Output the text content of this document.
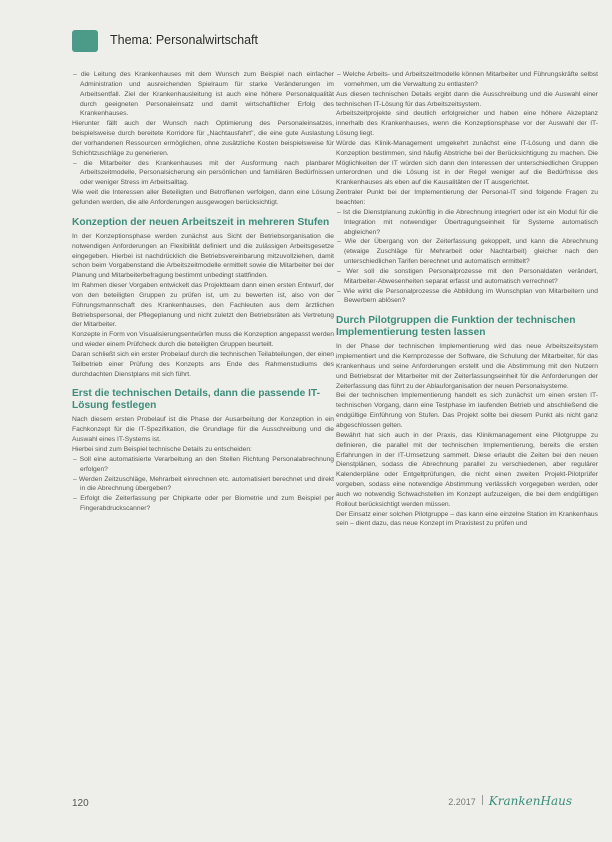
Thema: Personalwirtschaft

– die Leitung des Krankenhauses mit dem Wunsch zum Beispiel nach einfacher Administration und ausreichenden Spielraum für starke Veränderungen im Arbeitsentfall. Ziel der Krankenhausleitung ist auch eine höhere Personalqualität durch geeigneten Personaleinsatz und damit wirtschaftlicher Erfolg des Krankenhauses.

Hierunter fällt auch der Wunsch nach Optimierung des Personaleinsatzes, beispielsweise durch bereitete Korridore für „Nachtausfahrt", die eine gute Auslastung der vorhandenen Ressourcen ermöglichen, ohne zusätzliche Kosten beispielsweise für Schichtzuschläge zu generieren.

– die Mitarbeiter des Krankenhauses mit der Ausformung nach planbarer Arbeitszeitmodelle, Personalsicherung ein persönlichen und familiären Bedürfnissen oder weniger Stress im Arbeitsalltag.

Wie weit die Interessen aller Beteiligten und Betroffenen verfolgen, dann eine Lösung gefunden werden, die alle Anforderungen ausgewogen berücksichtigt.

Konzeption der neuen Arbeitszeit in mehreren Stufen

In der Konzeptionsphase werden zunächst aus Sicht der Betriebsorganisation die notwendigen Anforderungen an Flexibilität definiert und die zulässigen Arbeitsgesetze eingegeben. Hierbei ist nachdrücklich die Betriebsvereinbarung mitzuvollziehen, damit schon beim Vorgabenstand die Arbeitszeitmodelle ermittelt sowie die Mitarbeiter bei der Planung und Mitarbeiterbefragung bestimmt unbedingt stattfinden.

Im Rahmen dieser Vorgaben entwickelt das Projektteam dann einen ersten Entwurf, der von den beteiligten Gruppen zu prüfen ist, um zu bewerten ist, also von der Führungsmannschaft des Krankenhauses, den Fachleuten aus dem ärztlichen Betriebspersonal, der Pflegeplanung und nicht zuletzt den Betriebsräten als Vertretung der Mitarbeiter.

Konzepte in Form von Visualisierungsentwürfen muss die Konzeption angepasst werden und wieder einem Prüfcheck durch die beteiligten Gruppen beurteilt.

Daran schließt sich ein erster Probelauf durch die technischen Teilabteilungen, der einen Teilbetrieb einer Prüfung des Konzepts ans Ende des Rahmenstudiums des durchdachten Dienstplans mit sich führt.

Erst die technischen Details, dann die passende IT-Lösung festlegen

Nach diesem ersten Probelauf ist die Phase der Ausarbeitung der Konzeption in ein Fachkonzept für die IT-Spezifikation, die Grundlage für die Ausschreibung und die Auswahl eines IT-Systems ist.

Hierbei sind zum Beispiel technische Details zu entscheiden:

– Soll eine automatisierte Verarbeitung an den Stellen Richtung Personalabrechnung erfolgen?

– Werden Zeitzuschläge, Mehrarbeit einrechnen etc. automatisiert berechnet und direkt in die Abrechnung übergeben?

– Erfolgt die Zeiterfassung per Chipkarte oder per Biometrie und zum Beispiel per Fingerabdruckscanner?

– Welche Arbeits- und Arbeitszeitmodelle können Mitarbeiter und Führungskräfte selbst vornehmen, um die Verwaltung zu entlasten?

Aus diesen technischen Details ergibt dann die Ausschreibung und die Auswahl einer technischen IT-Lösung für das Arbeitszeitsystem.

Arbeitszeitprojekte sind deutlich erfolgreicher und haben eine höhere Akzeptanz innerhalb des Krankenhauses, wenn die Konzeptionsphase vor der Auswahl der IT-Lösung liegt.

Würde das Klinik-Management umgekehrt zunächst eine IT-Lösung und dann die Konzeption bestimmen, sind häufig Abstriche bei der Berücksichtigung zu machen. Die Möglichkeiten der IT würden sich dann den Interessen der unterschiedlichen Gruppen unterordnen und die Lösung ist in der Regel weniger auf die Bedürfnisse des Krankenhauses als eben auf die Kausalitäten der IT ausgerichtet.

Zentraler Punkt bei der Implementierung der Personal-IT sind folgende Fragen zu beachten:

– Ist die Dienstplanung zukünftig in die Abrechnung integriert oder ist ein Modul für die Integration mit notwendiger Übertragungseinheit für Systeme automatisch abgleichen?

– Wie der Übergang von der Zeiterfassung gekoppelt, und kann die Abrechnung (etwaige Zuschläge für Mehrarbeit oder Nachtarbeit) gleicher nach den unterschiedlichen Tarifen berechnet und automatisch ermittelt?

– Wer soll die sonstigen Personalprozesse mit den Personaldaten verändert, Mitarbeiter-Abwesenheiten separat erfasst und automatisch verrechnet?

– Wie wirkt die Personalprozesse die Abbildung im Wunschplan von Mitarbeitern und Bewerbern ablösen?

Durch Pilotgruppen die Funktion der technischen Implementierung testen lassen

In der Phase der technischen Implementierung wird das neue Arbeitszeitsystem implementiert und die Kernprozesse der Software, die Schulung der Mitarbeiter, für das Krankenhaus und seine Anforderungen erstellt und die Abstimmung mit den Nutzern und Betriebsrat der Mitarbeiter mit der Zeiterfassungseinheit für die Anforderungen der Zeiterfassung das führt zu der Ablauforganisation der neuen Personalsysteme.

Bei der technischen Implementierung handelt es sich zunächst um einen ersten IT-technischen Vorgang, dann eine Testphase im laufenden Betrieb und abschließend die endgültige Einführung von Stufen. Das Projekt sollte bei diesem Punkt als nicht ganz abgeschlossen gelten.

Bewährt hat sich auch in der Praxis, das Klinikmanagement eine Pilotgruppe zu definieren, die parallel mit der technischen Implementierung, bereits die ersten Erfahrungen in der IT-Umsetzung sammelt. Diese erlaubt die Zeiten bei den neuen Dienstplänen, sodass die Abrechnung parallel zu verschiedenen, aber regulärer Kalenderpläne oder Entgeltprüfungen, die nicht einen zweiten Projekt-Pilotprüfer vorgeben, sodass eine notwendige Abstimmung verlässlich vorgegeben werden, oder auch wo notwendig Schwachstellen im Konzept aufzuzeigen, die bei dem endgültigen Rollout berücksichtigt werden müssen.

Der Einsatz einer solchen Pilotgruppe – das kann eine einzelne Station im Krankenhaus sein – dient dazu, das neue Konzept im Praxistest zu prüfen und

120	2.2017 KrankenHaus
